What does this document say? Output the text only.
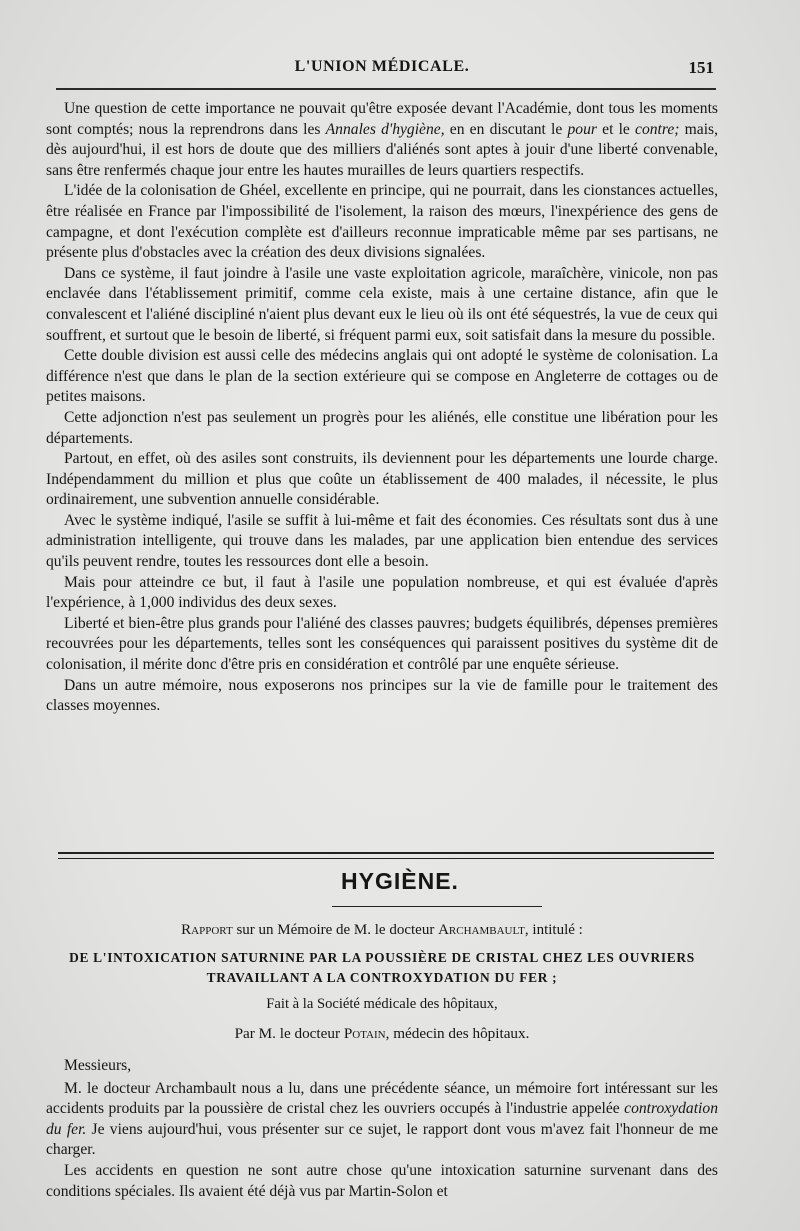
L'UNION MÉDICALE.	151

Une question de cette importance ne pouvait qu'être exposée devant l'Académie, dont tous les moments sont comptés; nous la reprendrons dans les Annales d'hygiène, en en discutant le pour et le contre; mais, dès aujourd'hui, il est hors de doute que des milliers d'aliénés sont aptes à jouir d'une liberté convenable, sans être renfermés chaque jour entre les hautes murailles de leurs quartiers respectifs.

L'idée de la colonisation de Ghéel, excellente en principe, qui ne pourrait, dans les cionstances actuelles, être réalisée en France par l'impossibilité de l'isolement, la raison des mœurs, l'inexpérience des gens de campagne, et dont l'exécution complète est d'ailleurs reconnue impraticable même par ses partisans, ne présente plus d'obstacles avec la création des deux divisions signalées.

Dans ce système, il faut joindre à l'asile une vaste exploitation agricole, maraîchère, vinicole, non pas enclavée dans l'établissement primitif, comme cela existe, mais à une certaine distance, afin que le convalescent et l'aliéné discipliné n'aient plus devant eux le lieu où ils ont été séquestrés, la vue de ceux qui souffrent, et surtout que le besoin de liberté, si fréquent parmi eux, soit satisfait dans la mesure du possible.

Cette double division est aussi celle des médecins anglais qui ont adopté le système de colonisation. La différence n'est que dans le plan de la section extérieure qui se compose en Angleterre de cottages ou de petites maisons.

Cette adjonction n'est pas seulement un progrès pour les aliénés, elle constitue une libération pour les départements.

Partout, en effet, où des asiles sont construits, ils deviennent pour les départements une lourde charge. Indépendamment du million et plus que coûte un établissement de 400 malades, il nécessite, le plus ordinairement, une subvention annuelle considérable.

Avec le système indiqué, l'asile se suffit à lui-même et fait des économies. Ces résultats sont dus à une administration intelligente, qui trouve dans les malades, par une application bien entendue des services qu'ils peuvent rendre, toutes les ressources dont elle a besoin.

Mais pour atteindre ce but, il faut à l'asile une population nombreuse, et qui est évaluée d'après l'expérience, à 1,000 individus des deux sexes.

Liberté et bien-être plus grands pour l'aliéné des classes pauvres; budgets équilibrés, dépenses premières recouvrées pour les départements, telles sont les conséquences qui paraissent positives du système dit de colonisation, il mérite donc d'être pris en considération et contrôlé par une enquête sérieuse.

Dans un autre mémoire, nous exposerons nos principes sur la vie de famille pour le traitement des classes moyennes.

HYGIÈNE.
Rapport sur un Mémoire de M. le docteur Archambault, intitulé :
DE L'INTOXICATION SATURNINE PAR LA POUSSIÈRE DE CRISTAL CHEZ LES OUVRIERS TRAVAILLANT A LA CONTROXYDATION DU FER ;
Fait à la Société médicale des hôpitaux,
Par M. le docteur Potain, médecin des hôpitaux.

Messieurs,

M. le docteur Archambault nous a lu, dans une précédente séance, un mémoire fort intéressant sur les accidents produits par la poussière de cristal chez les ouvriers occupés à l'industrie appelée controxydation du fer. Je viens aujourd'hui, vous présenter sur ce sujet, le rapport dont vous m'avez fait l'honneur de me charger.

Les accidents en question ne sont autre chose qu'une intoxication saturnine survenant dans des conditions spéciales. Ils avaient été déjà vus par Martin-Solon et
